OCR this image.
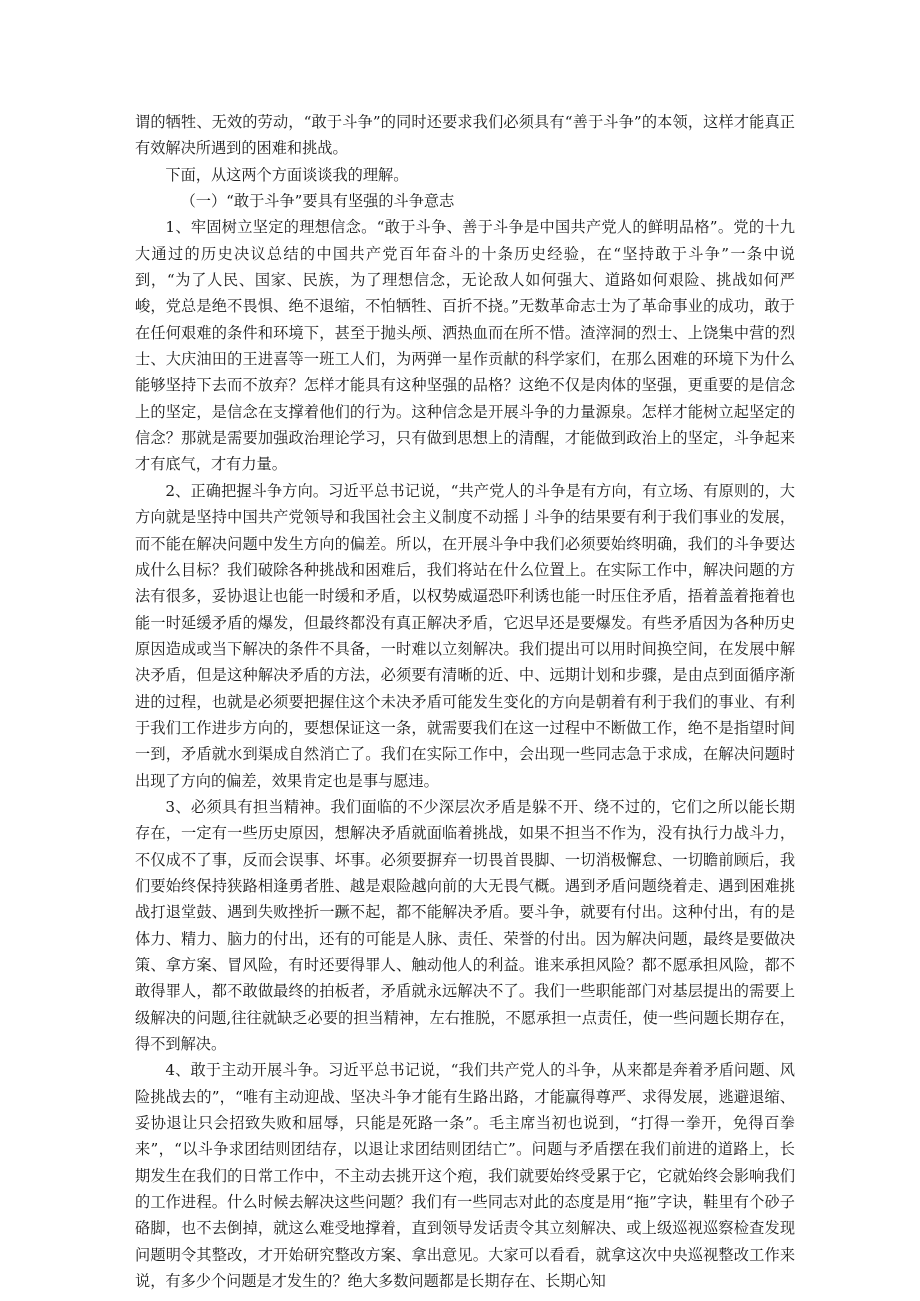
谓的牺牲、无效的劳动，“敢于斗争”的同时还要求我们必须具有“善于斗争”的本领，这样才能真正有效解决所遇到的困难和挑战。

下面，从这两个方面谈谈我的理解。

（一）“敢于斗争”要具有坚强的斗争意志

1、牢固树立坚定的理想信念。“敢于斗争、善于斗争是中国共产党人的鲜明品格”。党的十九大通过的历史决议总结的中国共产党百年奋斗的十条历史经验，在“坚持敢于斗争”一条中说到，“为了人民、国家、民族，为了理想信念，无论敌人如何强大、道路如何艰险、挑战如何严峻，党总是绝不畏惧、绝不退缩，不怕牺牲、百折不挠。”无数革命志士为了革命事业的成功，敢于在任何艰难的条件和环境下，甚至于抛头颅、洒热血而在所不惜。渣滓洞的烈士、上饶集中营的烈士、大庆油田的王进喜等一班工人们，为两弹一星作贡献的科学家们，在那么困难的环境下为什么能够坚持下去而不放弃？怎样才能具有这种坚强的品格？这绝不仅是肉体的坚强，更重要的是信念上的坚定，是信念在支撑着他们的行为。这种信念是开展斗争的力量源泉。怎样才能树立起坚定的信念？那就是需要加强政治理论学习，只有做到思想上的清醒，才能做到政治上的坚定，斗争起来才有底气，才有力量。

2、正确把握斗争方向。习近平总书记说，“共产党人的斗争是有方向，有立场、有原则的，大方向就是坚持中国共产党领导和我国社会主义制度不动摇亅斗争的结果要有利于我们事业的发展，而不能在解决问题中发生方向的偏差。所以，在开展斗争中我们必须要始终明确，我们的斗争要达成什么目标？我们破除各种挑战和困难后，我们将站在什么位置上。在实际工作中，解决问题的方法有很多，妥协退让也能一时缓和矛盾，以权势威逼恐吓利诱也能一时压住矛盾，捂着盖着拖着也能一时延缓矛盾的爆发，但最终都没有真正解决矛盾，它迟早还是要爆发。有些矛盾因为各种历史原因造成或当下解决的条件不具备，一时难以立刻解决。我们提出可以用时间换空间，在发展中解决矛盾，但是这种解决矛盾的方法，必须要有清晰的近、中、远期计划和步骤，是由点到面循序渐进的过程，也就是必须要把握住这个未决矛盾可能发生变化的方向是朝着有利于我们的事业、有利于我们工作进步方向的，要想保证这一条，就需要我们在这一过程中不断做工作，绝不是指望时间一到，矛盾就水到渠成自然消亡了。我们在实际工作中，会出现一些同志急于求成，在解决问题时出现了方向的偏差，效果肯定也是事与愿违。

3、必须具有担当精神。我们面临的不少深层次矛盾是躲不开、绕不过的，它们之所以能长期存在，一定有一些历史原因，想解决矛盾就面临着挑战，如果不担当不作为，没有执行力战斗力，不仅成不了事，反而会误事、坏事。必须要摒弃一切畏首畏脚、一切消极懈怠、一切瞻前顾后，我们要始终保持狭路相逢勇者胜、越是艰险越向前的大无畏气概。遇到矛盾问题绕着走、遇到困难挑战打退堂鼓、遇到失败挫折一蹶不起，都不能解决矛盾。要斗争，就要有付出。这种付出，有的是体力、精力、脑力的付出，还有的可能是人脉、责任、荣誉的付出。因为解决问题，最终是要做决策、拿方案、冒风险，有时还要得罪人、触动他人的利益。谁来承担风险？都不愿承担风险，都不敢得罪人，都不敢做最终的拍板者，矛盾就永远解决不了。我们一些职能部门对基层提出的需要上级解决的问题,往往就缺乏必要的担当精神，左右推脱，不愿承担一点责任，使一些问题长期存在，得不到解决。

4、敢于主动开展斗争。习近平总书记说，“我们共产党人的斗争，从来都是奔着矛盾问题、风险挑战去的”，“唯有主动迎战、坚决斗争才能有生路出路，才能赢得尊严、求得发展，逃避退缩、妥协退让只会招致失败和屈辱，只能是死路一条”。毛主席当初也说到，“打得一拳开，免得百拳来”，“以斗争求团结则团结存，以退让求团结则团结亡”。问题与矛盾摆在我们前进的道路上，长期发生在我们的日常工作中，不主动去挑开这个疱，我们就要始终受累于它，它就始终会影响我们的工作进程。什么时候去解决这些问题？我们有一些同志对此的态度是用“拖”字诀，鞋里有个砂子硌脚，也不去倒掉，就这么难受地撑着，直到领导发话责令其立刻解决、或上级巡视巡察检查发现问题明令其整改，才开始研究整改方案、拿出意见。大家可以看看，就拿这次中央巡视整改工作来说，有多少个问题是才发生的？绝大多数问题都是长期存在、长期心知
